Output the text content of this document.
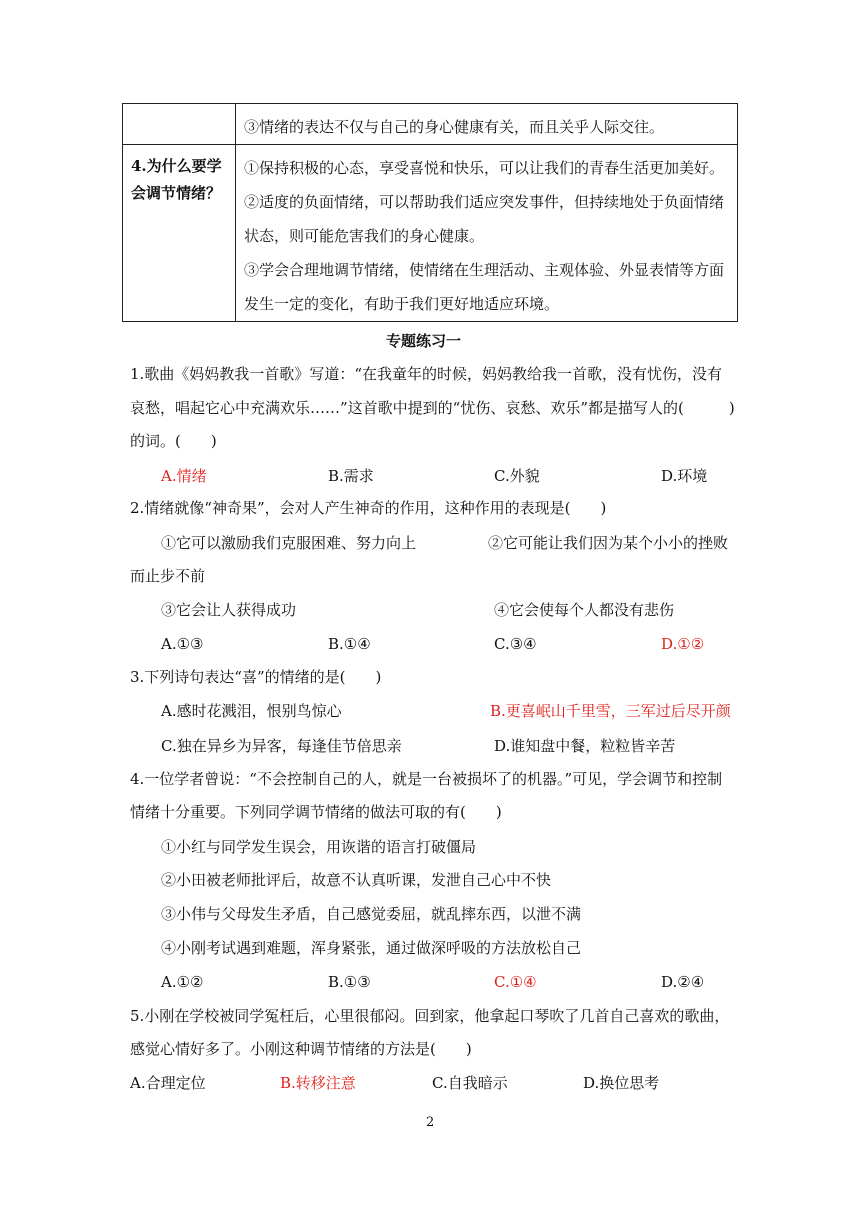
	③情绪的表达不仅与自己的身心健康有关，而且关乎人际交往。

4.为什么要学会调节情绪？	①保持积极的心态，享受喜悦和快乐，可以让我们的青春生活更加美好。
②适度的负面情绪，可以帮助我们适应突发事件，但持续地处于负面情绪状态，则可能危害我们的身心健康。
③学会合理地调节情绪，使情绪在生理活动、主观体验、外显表情等方面发生一定的变化，有助于我们更好地适应环境。
专题练习一
1.歌曲《妈妈教我一首歌》写道：“在我童年的时候，妈妈教给我一首歌，没有忧伤，没有
哀愁，唱起它心中充满欢乐……”这首歌中提到的“忧伤、哀愁、欢乐”都是描写人的(　　　)
的词。(　　)
A.情绪	B.需求	C.外貌	D.环境
2.情绪就像“神奇果”，会对人产生神奇的作用，这种作用的表现是(　　)
①它可以激励我们克服困难、努力向上	②它可能让我们因为某个小小的挫败
而止步不前
③它会让人获得成功	④它会使每个人都没有悲伤
A.①③	B.①④	C.③④	D.①②
3.下列诗句表达“喜”的情绪的是(　　)
A.感时花溅泪，恨别鸟惊心	B.更喜岷山千里雪，三军过后尽开颜
C.独在异乡为异客，每逢佳节倍思亲	D.谁知盘中餐，粒粒皆辛苦
4.一位学者曾说：“不会控制自己的人，就是一台被损坏了的机器。”可见，学会调节和控制
情绪十分重要。下列同学调节情绪的做法可取的有(　　)
①小红与同学发生误会，用诙谐的语言打破僵局
②小田被老师批评后，故意不认真听课，发泄自己心中不快
③小伟与父母发生矛盾，自己感觉委屈，就乱摔东西，以泄不满
④小刚考试遇到难题，浑身紧张，通过做深呼吸的方法放松自己
A.①②	B.①③	C.①④	D.②④
5.小刚在学校被同学冤枉后，心里很郁闷。回到家，他拿起口琴吹了几首自己喜欢的歌曲，
感觉心情好多了。小刚这种调节情绪的方法是(　　)
A.合理定位	B.转移注意	C.自我暗示	D.换位思考
2
